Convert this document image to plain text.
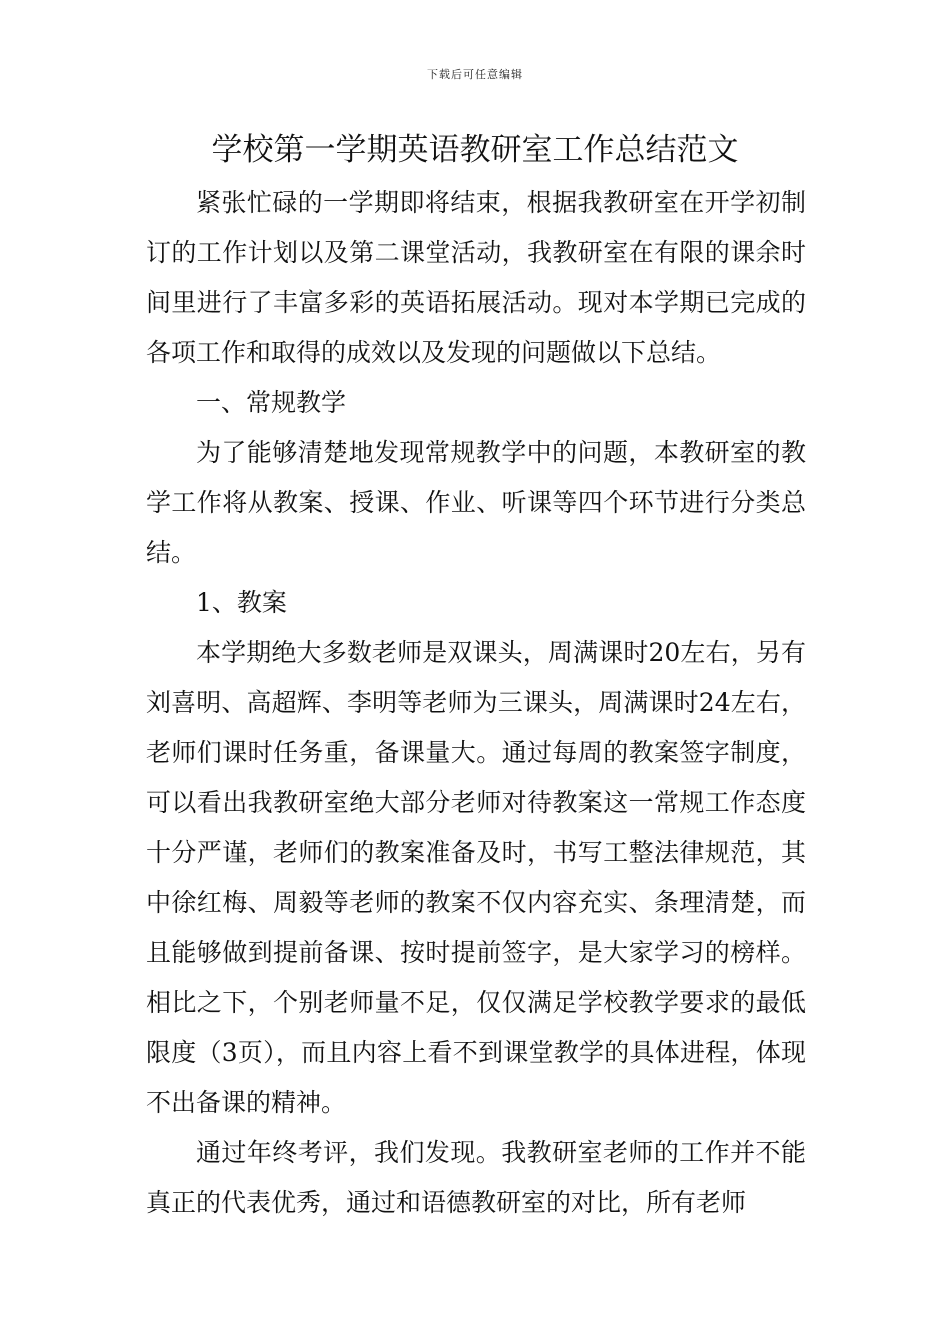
下载后可任意编辑
学校第一学期英语教研室工作总结范文

紧张忙碌的一学期即将结束，根据我教研室在开学初制订的工作计划以及第二课堂活动，我教研室在有限的课余时间里进行了丰富多彩的英语拓展活动。现对本学期已完成的各项工作和取得的成效以及发现的问题做以下总结。

一、常规教学

为了能够清楚地发现常规教学中的问题，本教研室的教学工作将从教案、授课、作业、听课等四个环节进行分类总结。

1、教案

本学期绝大多数老师是双课头，周满课时20左右，另有刘喜明、高超辉、李明等老师为三课头，周满课时24左右，老师们课时任务重，备课量大。通过每周的教案签字制度，可以看出我教研室绝大部分老师对待教案这一常规工作态度十分严谨，老师们的教案准备及时，书写工整法律规范，其中徐红梅、周毅等老师的教案不仅内容充实、条理清楚，而且能够做到提前备课、按时提前签字，是大家学习的榜样。相比之下，个别老师量不足，仅仅满足学校教学要求的最低限度（3页），而且内容上看不到课堂教学的具体进程，体现不出备课的精神。

通过年终考评，我们发现。我教研室老师的工作并不能真正的代表优秀，通过和语德教研室的对比，所有老师
